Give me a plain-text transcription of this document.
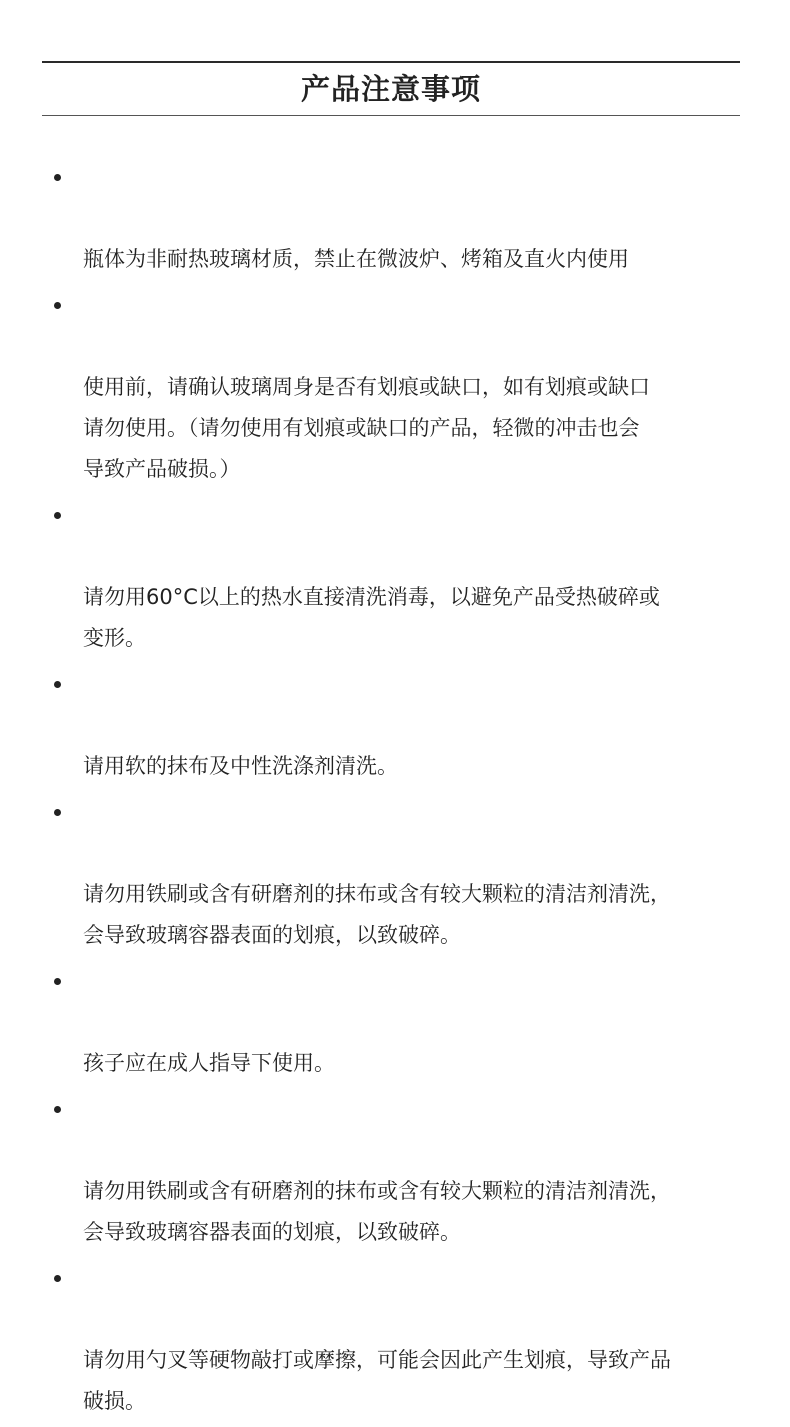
产品注意事项

瓶体为非耐热玻璃材质，禁止在微波炉、烤箱及直火内使用

使用前，请确认玻璃周身是否有划痕或缺口，如有划痕或缺口
请勿使用。（请勿使用有划痕或缺口的产品，轻微的冲击也会
导致产品破损。）

请勿用60°C以上的热水直接清洗消毒，以避免产品受热破碎或
变形。

请用软的抹布及中性洗涤剂清洗。

请勿用铁刷或含有研磨剂的抹布或含有较大颗粒的清洁剂清洗，
会导致玻璃容器表面的划痕，以致破碎。

孩子应在成人指导下使用。

请勿用铁刷或含有研磨剂的抹布或含有较大颗粒的清洁剂清洗，
会导致玻璃容器表面的划痕，以致破碎。

请勿用勺叉等硬物敲打或摩擦，可能会因此产生划痕，导致产品
破损。
